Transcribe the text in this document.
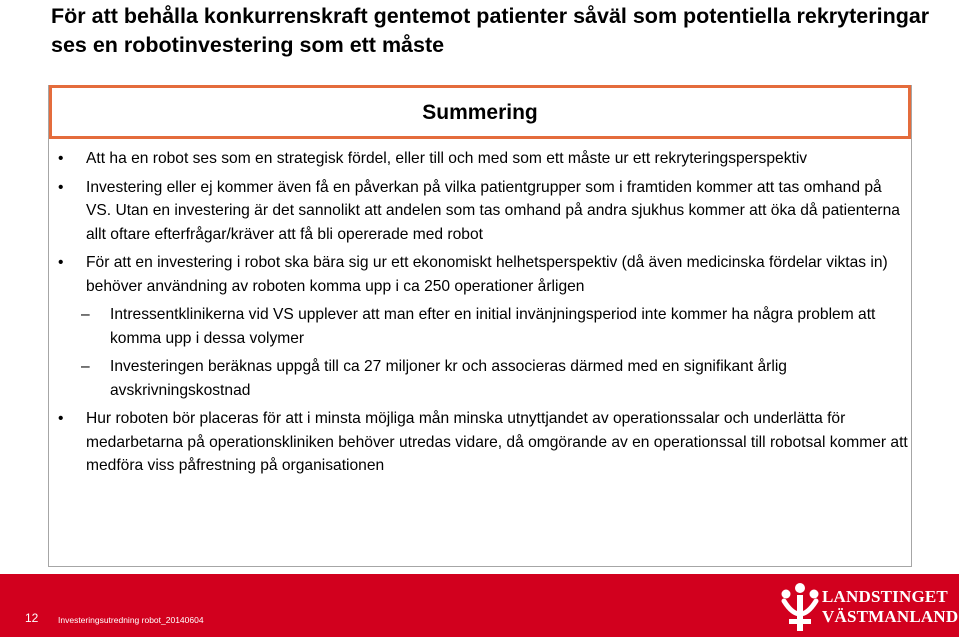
För att behålla konkurrenskraft gentemot patienter såväl som potentiella rekryteringar ses en robotinvestering som ett måste
Summering
•	Att ha en robot ses som en strategisk fördel, eller till och med som ett måste ur ett rekryteringsperspektiv
•	Investering eller ej kommer även få en påverkan på vilka patientgrupper som i framtiden kommer att tas omhand på VS. Utan en investering är det sannolikt att andelen som tas omhand på andra sjukhus kommer att öka då patienterna allt oftare efterfrågar/kräver att få bli opererade med robot
•	För att en investering i robot ska bära sig ur ett ekonomiskt helhetsperspektiv (då även medicinska fördelar viktas in) behöver användning av roboten komma upp i ca 250 operationer årligen
– Intressentklinikerna vid VS upplever att man efter en initial invänjningsperiod inte kommer ha några problem att komma upp i dessa volymer
– Investeringen beräknas uppgå till ca 27 miljoner kr och associeras därmed med en signifikant årlig avskrivningskostnad
•	Hur roboten bör placeras för att i minsta möjliga mån minska utnyttjandet av operationssalar och underlätta för medarbetarna på operationskliniken behöver utredas vidare, då omgörande av en operationssal till robotsal kommer att medföra viss påfrestning på organisationen
12 Investeringsutredning robot_20140604
LANDSTINGET
VÄSTMANLAND
